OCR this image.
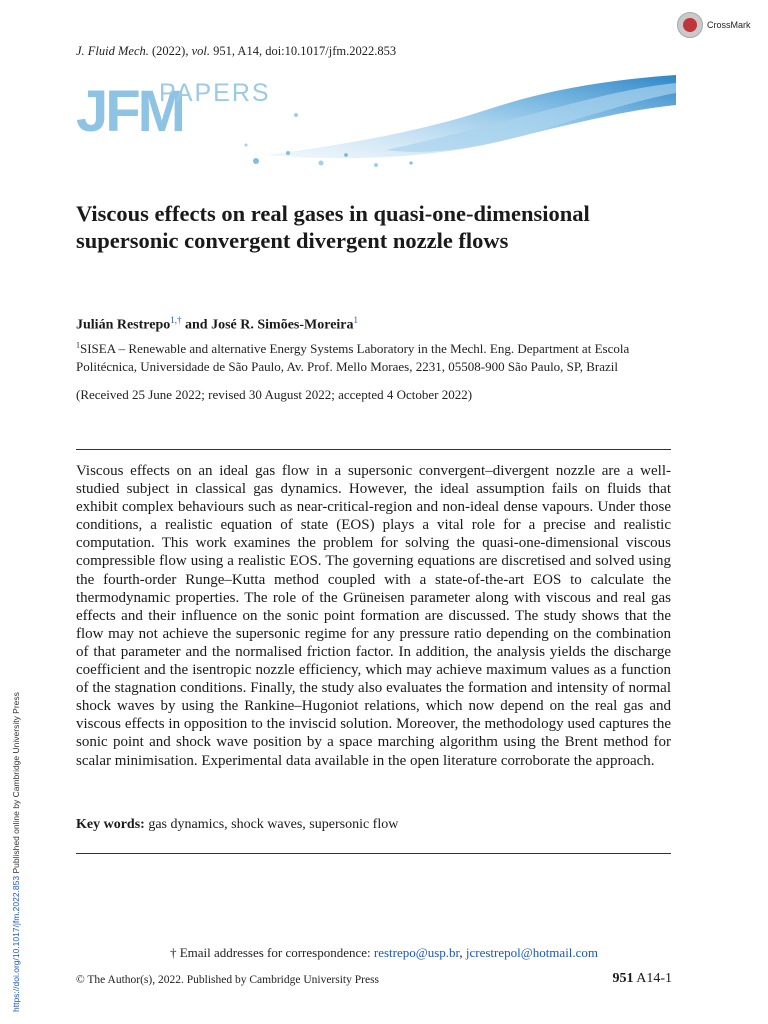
J. Fluid Mech. (2022), vol. 951, A14, doi:10.1017/jfm.2022.853
CrossMark
JFM
PAPERS
Viscous effects on real gases in quasi-one-dimensional supersonic convergent divergent nozzle flows
Julián Restrepo$^{1,\dagger}$ and José R. Simões-Moreira$^1$
$^1$SISEA – Renewable and alternative Energy Systems Laboratory in the Mechl. Eng. Department at Escola Politécnica, Universidade de São Paulo, Av. Prof. Mello Moraes, 2231, 05508-900 São Paulo, SP, Brazil
(Received 25 June 2022; revised 30 August 2022; accepted 4 October 2022)

Viscous effects on an ideal gas flow in a supersonic convergent–divergent nozzle are a well-studied subject in classical gas dynamics. However, the ideal assumption fails on fluids that exhibit complex behaviours such as near-critical-region and non-ideal dense vapours. Under those conditions, a realistic equation of state (EOS) plays a vital role for a precise and realistic computation. This work examines the problem for solving the quasi-one-dimensional viscous compressible flow using a realistic EOS. The governing equations are discretised and solved using the fourth-order Runge–Kutta method coupled with a state-of-the-art EOS to calculate the thermodynamic properties. The role of the Grüneisen parameter along with viscous and real gas effects and their influence on the sonic point formation are discussed. The study shows that the flow may not achieve the supersonic regime for any pressure ratio depending on the combination of that parameter and the normalised friction factor. In addition, the analysis yields the discharge coefficient and the isentropic nozzle efficiency, which may achieve maximum values as a function of the stagnation conditions. Finally, the study also evaluates the formation and intensity of normal shock waves by using the Rankine–Hugoniot relations, which now depend on the real gas and viscous effects in opposition to the inviscid solution. Moreover, the methodology used captures the sonic point and shock wave position by a space marching algorithm using the Brent method for scalar minimisation. Experimental data available in the open literature corroborate the approach.

Key words: gas dynamics, shock waves, supersonic flow
† Email addresses for correspondence: restrepo@usp.br, jcrestrepol@hotmail.com
© The Author(s), 2022. Published by Cambridge University Press	951 A14-1
https://doi.org/10.1017/jfm.2022.853 Published online by Cambridge University Press
